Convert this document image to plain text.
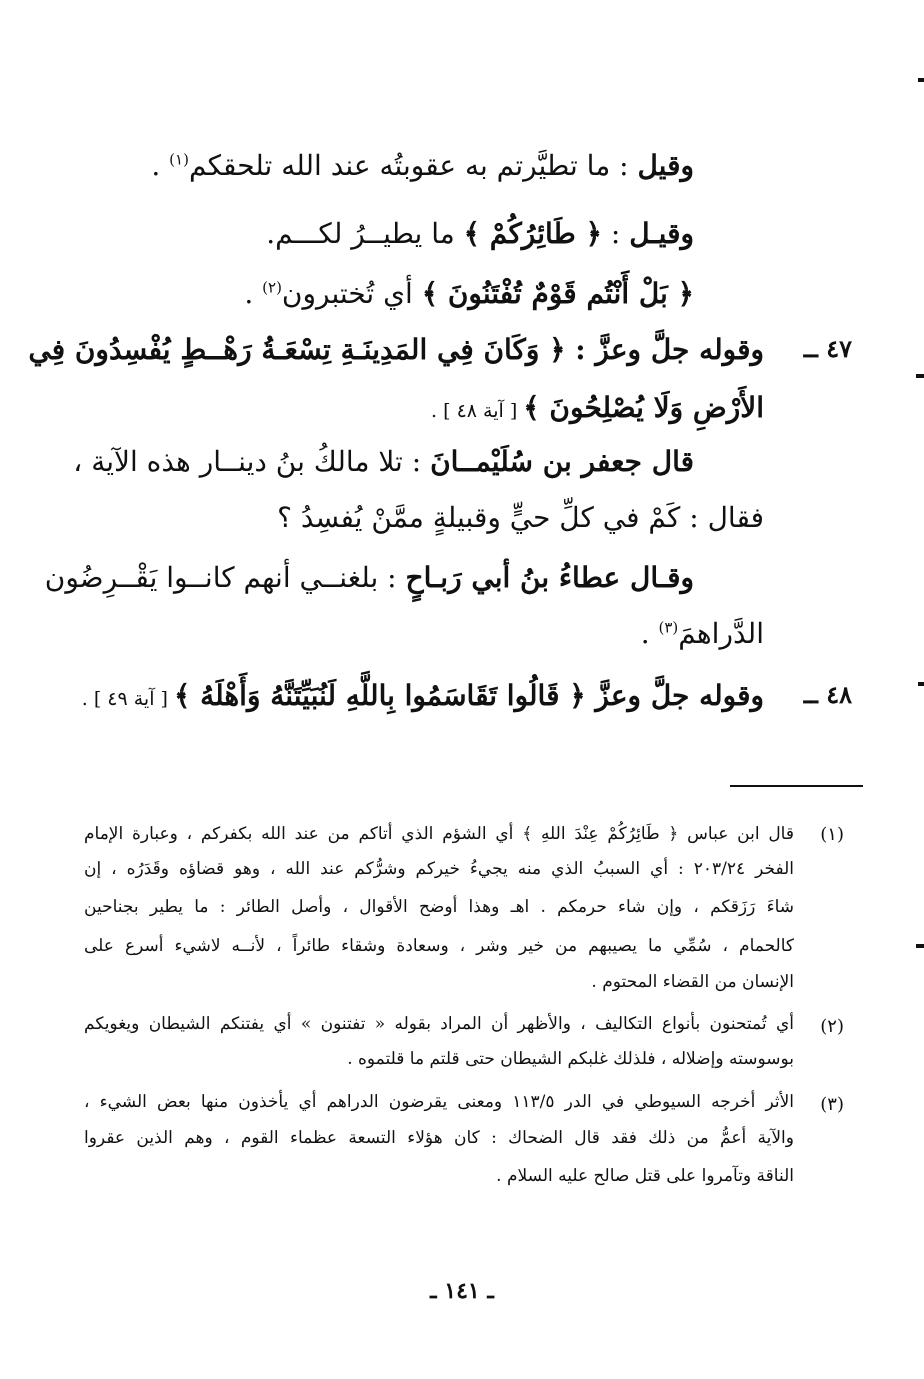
وقيل : ما تطيَّرتم به عقوبتُه عند الله تلحقكم$^{(١)}$ .
وقيـل : ﴿ طَائِرُكُمْ ﴾ ما يطيــرُ لكـــم.
﴿ بَلْ أَنْتُم قَوْمٌ تُفْتَنُونَ ﴾ أي تُختبرون$^{(٢)}$ .
٤٧ ــ
وقوله جلَّ وعزَّ : ﴿ وَكَانَ فِي المَدِينَـةِ تِسْعَـةُ رَهْــطٍ يُفْسِدُونَ فِي
الأَرْضِ وَلَا يُصْلِحُونَ ﴾ [ آية ٤٨ ] .
قال جعفر بن سُلَيْمــانَ : تلا مالكُ بنُ دينــار هذه الآية ،
فقال : كَمْ في كلِّ حيٍّ وقبيلةٍ ممَّنْ يُفسِدُ ؟
وقـال عطاءُ بنُ أبي رَبـاحٍ : بلغنــي أنهم كانــوا يَقْــرِضُون
الدَّراهمَ$^{(٣)}$ .
٤٨ ــ
وقوله جلَّ وعزَّ ﴿ قَالُوا تَقَاسَمُوا بِاللَّهِ لَنُبَيِّتَنَّهُ وَأَهْلَهُ ﴾ [ آية ٤٩ ] .
(١)
قال ابن عباس ﴿ طَائِرُكُمْ عِنْدَ اللهِ ﴾ أي الشؤم الذي أتاكم من عند الله بكفركم ، وعبارة الإمام
الفخر ٢٠٣/٢٤ : أي السببُ الذي منه يجيءُ خيركم وشرُّكم عند الله ، وهو قضاؤه وقَدَرُه ، إن
شاءَ رَزَقكم ، وإن شاء حرمكم . اهـ وهذا أوضح الأقوال ، وأصل الطائر : ما يطير بجناحين
كالحمام ، سُمِّي ما يصيبهم من خير وشر ، وسعادة وشقاء طائراً ، لأنــه لاشيء أسرع على
الإنسان من القضاء المحتوم .
(٢)
أي تُمتحنون بأنواع التكاليف ، والأظهر أن المراد بقوله « تفتنون » أي يفتنكم الشيطان ويغويكم
بوسوسته وإضلاله ، فلذلك غلبكم الشيطان حتى قلتم ما قلتموه .
(٣)
الأثر أخرجه السيوطي في الدر ١١٣/٥ ومعنى يقرضون الدراهم أي يأخذون منها بعض الشيء ،
والآية أعمُّ من ذلك فقد قال الضحاك : كان هؤلاء التسعة عظماء القوم ، وهم الذين عقروا
الناقة وتآمروا على قتل صالح عليه السلام .
ـ ١٤١ ـ
